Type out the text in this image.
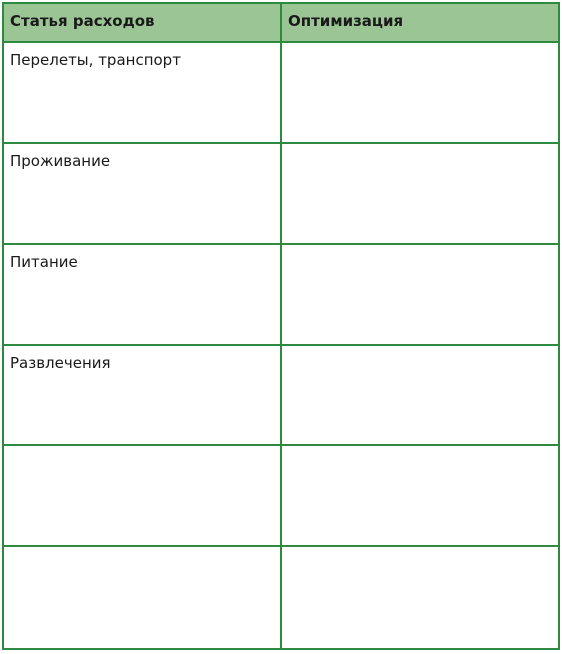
Статья расходов	Оптимизация
Перелеты, транспорт
Проживание
Питание
Развлечения
